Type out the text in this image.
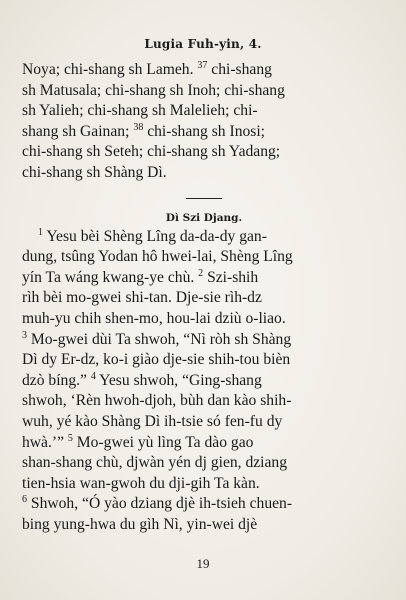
Lugia Fuh-yin, 4.
Noya; chi-shang sh Lameh. $^{37}$ chi-shang
sh Matusala; chi-shang sh Inoh; chi-shang
sh Yalieh; chi-shang sh Malelieh; chi-
shang sh Gainan; $^{38}$ chi-shang sh Inosi;
chi-shang sh Seteh; chi-shang sh Yadang;
chi-shang sh Shàng Dì.
Dì Szi Djang.
$^1$ Yesu bèi Shèng Lîng da-da-dy gan-
dung, tsûng Yodan hô hwei-lai, Shèng Lîng
yín Ta wáng kwang-ye chù. $^2$ Szi-shih
rìh bèi mo-gwei shi-tan. Dje-sie rìh-dz
muh-yu chih shen-mo, hou-lai dziù o-liao.
$^3$ Mo-gwei dùi Ta shwoh, “Nì ròh sh Shàng
Dì dy Er-dz, ko-i giào dje-sie shih-tou bièn
dzò bíng.” $^4$ Yesu shwoh, “Ging-shang
shwoh, ‘Rèn hwoh-djoh, bùh dan kào shih-
wuh, yé kào Shàng Dì ih-tsie só fen-fu dy
hwà.’” $^5$ Mo-gwei yù lìng Ta dào gao
shan-shang chù, djwàn yén dj gien, dziang
tien-hsia wan-gwoh du dji-gih Ta kàn.
$^6$ Shwoh, “Ó yào dziang djè ih-tsieh chuen-
bing yung-hwa du gìh Nì, yin-wei djè
19
